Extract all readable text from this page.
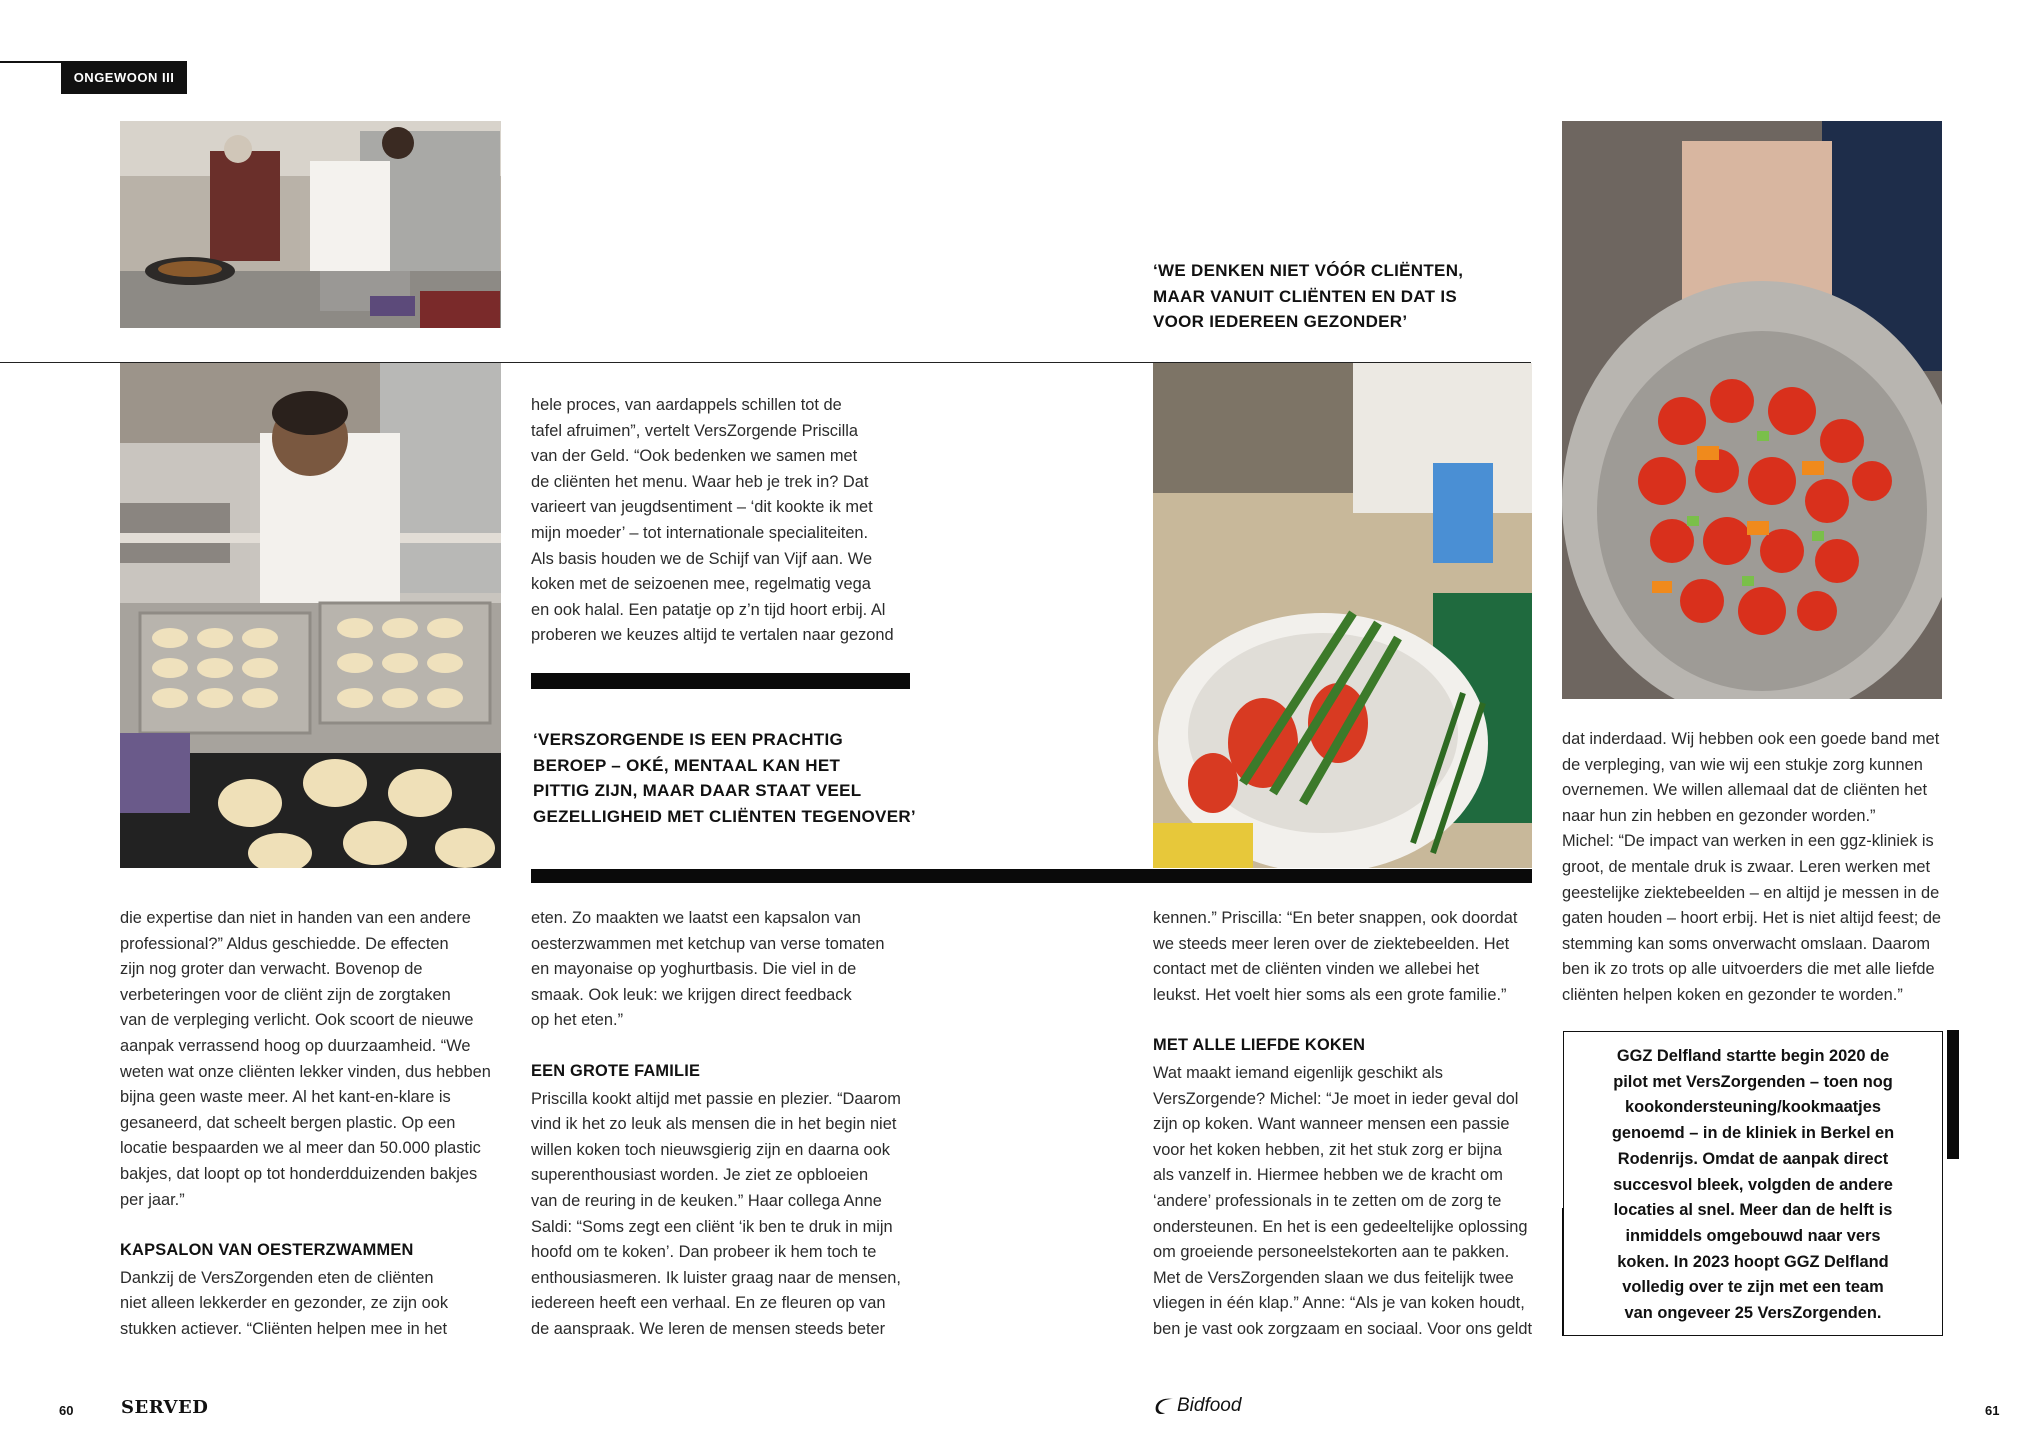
ONGEWOON III
‘WE DENKEN NIET VÓÓR CLIËNTEN,
MAAR VANUIT CLIËNTEN EN DAT IS
VOOR IEDEREEN GEZONDER’

hele proces, van aardappels schillen tot de

tafel afruimen”, vertelt VersZorgende Priscilla

van der Geld. “Ook bedenken we samen met

de cliënten het menu. Waar heb je trek in? Dat

varieert van jeugdsentiment – ‘dit kookte ik met

mijn moeder’ – tot internationale specialiteiten.

Als basis houden we de Schijf van Vijf aan. We

koken met de seizoenen mee, regelmatig vega

en ook halal. Een patatje op z’n tijd hoort erbij. Al

proberen we keuzes altijd te vertalen naar gezond

‘VERSZORGENDE IS EEN PRACHTIG
BEROEP – OKÉ, MENTAAL KAN HET
PITTIG ZIJN, MAAR DAAR STAAT VEEL
GEZELLIGHEID MET CLIËNTEN TEGENOVER’

die expertise dan niet in handen van een andere

professional?” Aldus geschiedde. De effecten

zijn nog groter dan verwacht. Bovenop de

verbeteringen voor de cliënt zijn de zorgtaken

van de verpleging verlicht. Ook scoort de nieuwe

aanpak verrassend hoog op duurzaamheid. “We

weten wat onze cliënten lekker vinden, dus hebben

bijna geen waste meer. Al het kant-en-klare is

gesaneerd, dat scheelt bergen plastic. Op een

locatie bespaarden we al meer dan 50.000 plastic

bakjes, dat loopt op tot honderdduizenden bakjes

per jaar.”

KAPSALON VAN OESTERZWAMMEN

Dankzij de VersZorgenden eten de cliënten

niet alleen lekkerder en gezonder, ze zijn ook

stukken actiever. “Cliënten helpen mee in het

eten. Zo maakten we laatst een kapsalon van

oesterzwammen met ketchup van verse tomaten

en mayonaise op yoghurtbasis. Die viel in de

smaak. Ook leuk: we krijgen direct feedback

op het eten.”

EEN GROTE FAMILIE

Priscilla kookt altijd met passie en plezier. “Daarom

vind ik het zo leuk als mensen die in het begin niet

willen koken toch nieuwsgierig zijn en daarna ook

superenthousiast worden. Je ziet ze opbloeien

van de reuring in de keuken.” Haar collega Anne

Saldi: “Soms zegt een cliënt ‘ik ben te druk in mijn

hoofd om te koken’. Dan probeer ik hem toch te

enthousiasmeren. Ik luister graag naar de mensen,

iedereen heeft een verhaal. En ze fleuren op van

de aanspraak. We leren de mensen steeds beter

kennen.” Priscilla: “En beter snappen, ook doordat

we steeds meer leren over de ziektebeelden. Het

contact met de cliënten vinden we allebei het

leukst. Het voelt hier soms als een grote familie.”

MET ALLE LIEFDE KOKEN

Wat maakt iemand eigenlijk geschikt als

VersZorgende? Michel: “Je moet in ieder geval dol

zijn op koken. Want wanneer mensen een passie

voor het koken hebben, zit het stuk zorg er bijna

als vanzelf in. Hiermee hebben we de kracht om

‘andere’ professionals in te zetten om de zorg te

ondersteunen. En het is een gedeeltelijke oplossing

om groeiende personeelstekorten aan te pakken.

Met de VersZorgenden slaan we dus feitelijk twee

vliegen in één klap.” Anne: “Als je van koken houdt,

ben je vast ook zorgzaam en sociaal. Voor ons geldt

dat inderdaad. Wij hebben ook een goede band met

de verpleging, van wie wij een stukje zorg kunnen

overnemen. We willen allemaal dat de cliënten het

naar hun zin hebben en gezonder worden.”

Michel: “De impact van werken in een ggz-kliniek is

groot, de mentale druk is zwaar. Leren werken met

geestelijke ziektebeelden – en altijd je messen in de

gaten houden – hoort erbij. Het is niet altijd feest; de

stemming kan soms onverwacht omslaan. Daarom

ben ik zo trots op alle uitvoerders die met alle liefde

cliënten helpen koken en gezonder te worden.”

GGZ Delfland startte begin 2020 de
pilot met VersZorgenden – toen nog
kookondersteuning/kookmaatjes
genoemd – in de kliniek in Berkel en
Rodenrijs. Omdat de aanpak direct
succesvol bleek, volgden de andere
locaties al snel. Meer dan de helft is
inmiddels omgebouwd naar vers
koken. In 2023 hoopt GGZ Delfland
volledig over te zijn met een team
van ongeveer 25 VersZorgenden.
60	SERVED	Bidfood	61
